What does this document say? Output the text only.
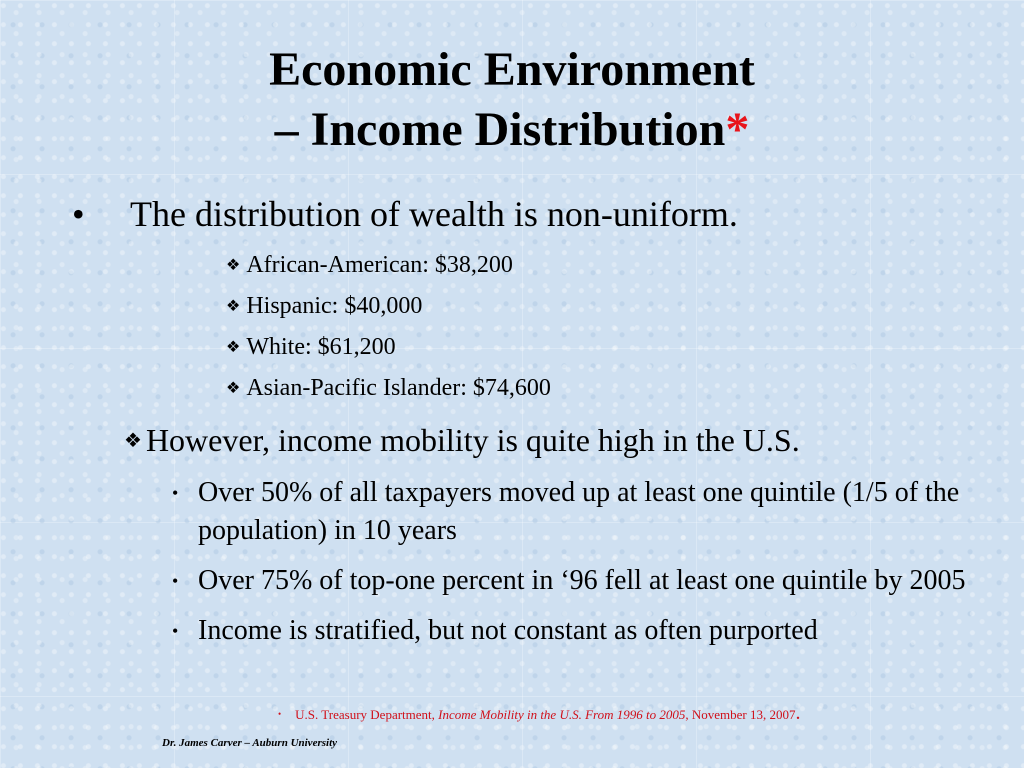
Economic Environment
– Income Distribution*
• The distribution of wealth is non-uniform.
❖ African-American: $38,200
❖ Hispanic: $40,000
❖ White: $61,200
❖ Asian-Pacific Islander: $74,600
❖ However, income mobility is quite high in the U.S.
• Over 50% of all taxpayers moved up at least one quintile (1/5 of the population) in 10 years
• Over 75% of top-one percent in ‘96 fell at least one quintile by 2005
• Income is stratified, but not constant as often purported
• U.S. Treasury Department, Income Mobility in the U.S. From 1996 to 2005, November 13, 2007.
Dr. James Carver – Auburn University
